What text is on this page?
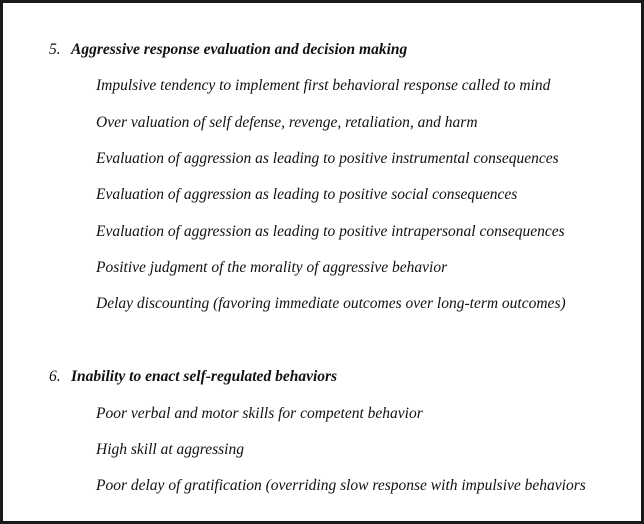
5. Aggressive response evaluation and decision making
Impulsive tendency to implement first behavioral response called to mind
Over valuation of self defense, revenge, retaliation, and harm
Evaluation of aggression as leading to positive instrumental consequences
Evaluation of aggression as leading to positive social consequences
Evaluation of aggression as leading to positive intrapersonal consequences
Positive judgment of the morality of aggressive behavior
Delay discounting (favoring immediate outcomes over long-term outcomes)
6. Inability to enact self-regulated behaviors
Poor verbal and motor skills for competent behavior
High skill at aggressing
Poor delay of gratification (overriding slow response with impulsive behaviors
